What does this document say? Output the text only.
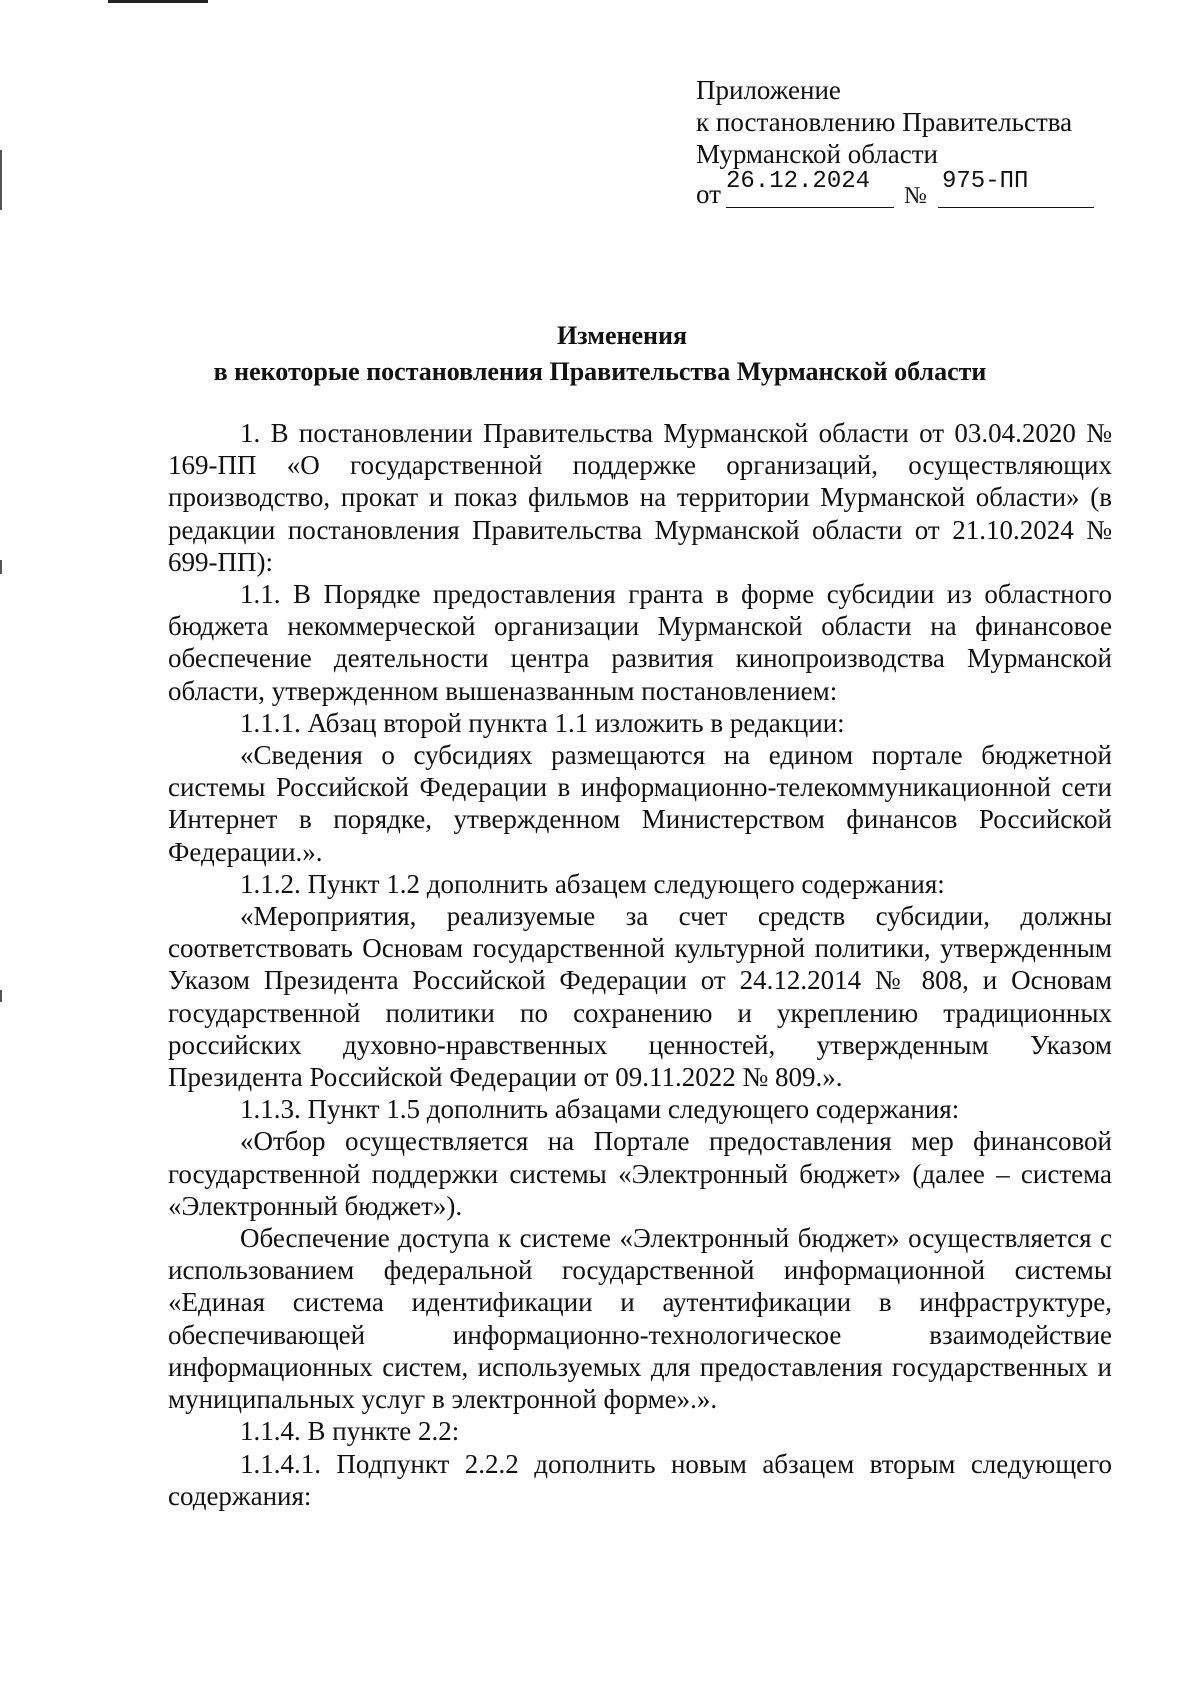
Приложение
к постановлению Правительства
Мурманской области
от 26.12.2024
№
975-ПП
Изменения
в некоторые постановления Правительства Мурманской области

1. В постановлении Правительства Мурманской области от 03.04.2020 № 169-ПП «О государственной поддержке организаций, осуществляющих производство, прокат и показ фильмов на территории Мурманской области» (в редакции постановления Правительства Мурманской области от 21.10.2024 № 699-ПП):

1.1. В Порядке предоставления гранта в форме субсидии из областного бюджета некоммерческой организации Мурманской области на финансовое обеспечение деятельности центра развития кинопроизводства Мурманской области, утвержденном вышеназванным постановлением:

1.1.1. Абзац второй пункта 1.1 изложить в редакции:

«Сведения о субсидиях размещаются на едином портале бюджетной системы Российской Федерации в информационно-телекоммуникационной сети Интернет в порядке, утвержденном Министерством финансов Российской Федерации.».

1.1.2. Пункт 1.2 дополнить абзацем следующего содержания:

«Мероприятия, реализуемые за счет средств субсидии, должны соответствовать Основам государственной культурной политики, утвержденным Указом Президента Российской Федерации от 24.12.2014 № 808, и Основам государственной политики по сохранению и укреплению традиционных российских духовно-нравственных ценностей, утвержденным Указом Президента Российской Федерации от 09.11.2022 № 809.».

1.1.3. Пункт 1.5 дополнить абзацами следующего содержания:

«Отбор осуществляется на Портале предоставления мер финансовой государственной поддержки системы «Электронный бюджет» (далее – система «Электронный бюджет»).

Обеспечение доступа к системе «Электронный бюджет» осуществляется с использованием федеральной государственной информационной системы «Единая система идентификации и аутентификации в инфраструктуре, обеспечивающей информационно-технологическое взаимодействие информационных систем, используемых для предоставления государственных и муниципальных услуг в электронной форме».».

1.1.4. В пункте 2.2:

1.1.4.1. Подпункт 2.2.2 дополнить новым абзацем вторым следующего содержания:
